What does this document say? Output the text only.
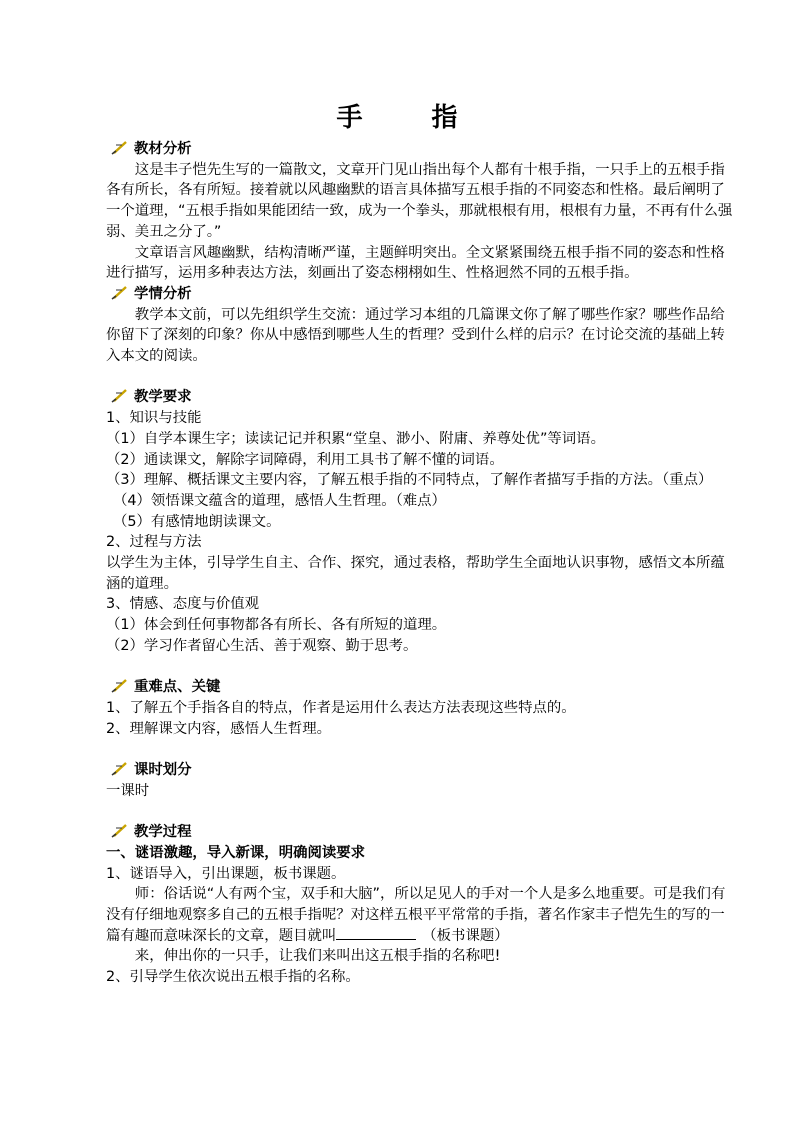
手 指

教材分析

这是丰子恺先生写的一篇散文，文章开门见山指出每个人都有十根手指，一只手上的五根手指各有所长，各有所短。接着就以风趣幽默的语言具体描写五根手指的不同姿态和性格。最后阐明了一个道理，“五根手指如果能团结一致，成为一个拳头，那就根根有用，根根有力量，不再有什么强弱、美丑之分了。”

文章语言风趣幽默，结构清晰严谨，主题鲜明突出。全文紧紧围绕五根手指不同的姿态和性格进行描写，运用多种表达方法，刻画出了姿态栩栩如生、性格迥然不同的五根手指。

学情分析

教学本文前，可以先组织学生交流：通过学习本组的几篇课文你了解了哪些作家？哪些作品给你留下了深刻的印象？你从中感悟到哪些人生的哲理？受到什么样的启示？在讨论交流的基础上转入本文的阅读。

教学要求

1、知识与技能

（1）自学本课生字；读读记记并积累“堂皇、渺小、附庸、养尊处优”等词语。

（2）通读课文，解除字词障碍，利用工具书了解不懂的词语。

（3）理解、概括课文主要内容，了解五根手指的不同特点，了解作者描写手指的方法。（重点）

（4）领悟课文蕴含的道理，感悟人生哲理。（难点）

（5）有感情地朗读课文。

2、过程与方法

以学生为主体，引导学生自主、合作、探究，通过表格，帮助学生全面地认识事物，感悟文本所蕴涵的道理。

3、情感、态度与价值观

（1）体会到任何事物都各有所长、各有所短的道理。

（2）学习作者留心生活、善于观察、勤于思考。

重难点、关键

1、了解五个手指各自的特点，作者是运用什么表达方法表现这些特点的。

2、理解课文内容，感悟人生哲理。

课时划分

一课时

教学过程

一、谜语激趣，导入新课，明确阅读要求

1、谜语导入，引出课题，板书课题。

师：俗话说“人有两个宝，双手和大脑”，所以足见人的手对一个人是多么地重要。可是我们有没有仔细地观察多自己的五根手指呢？对这样五根平平常常的手指，著名作家丰子恺先生的写的一篇有趣而意味深长的文章，题目就叫	（板书课题）

来，伸出你的一只手，让我们来叫出这五根手指的名称吧!

2、引导学生依次说出五根手指的名称。
